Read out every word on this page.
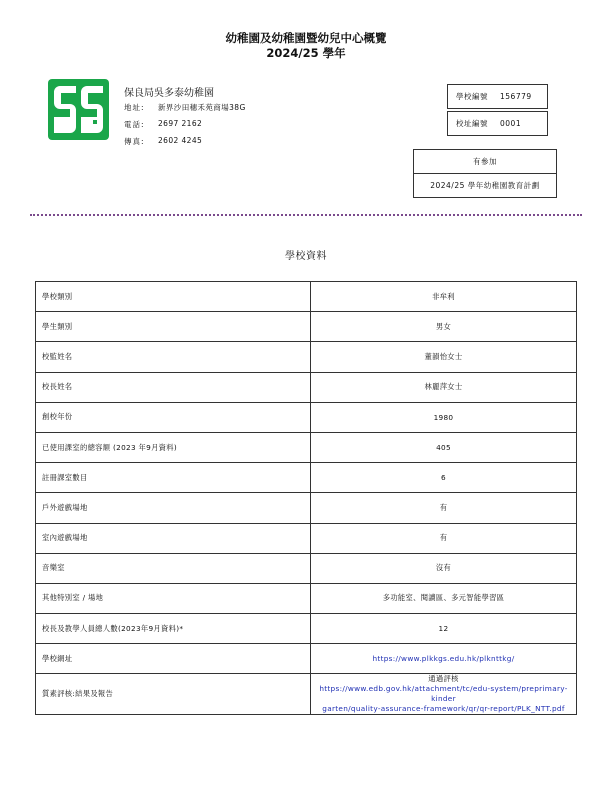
幼稚園及幼稚園暨幼兒中心概覽
2024/25 學年
保良局吳多泰幼稚園
地址:	新界沙田穗禾苑商場38G
電話:	2697 2162
傳真:	2602 4245
學校編號 156779
校址編號 0001
有參加
2024/25 學年幼稚園教育計劃
學校資料
學校類別	非牟利
學生類別	男女
校監姓名	董韻怡女士
校長姓名	林麗萍女士
創校年份	1980
已使用課室的總容額 (2023 年9月資料)	405
註冊課室數目	6
戶外遊戲場地	有
室內遊戲場地	有
音樂室	沒有
其他特別室 / 場地	多功能室、閱讀區、多元智能學習區
校長及教學人員總人數(2023年9月資料)*	12
學校網址	https://www.plkkgs.edu.hk/plknttkg/
質素評核:結果及報告	通過評核
https://www.edb.gov.hk/attachment/tc/edu-system/preprimary-kinder
garten/quality-assurance-framework/qr/qr-report/PLK_NTT.pdf
